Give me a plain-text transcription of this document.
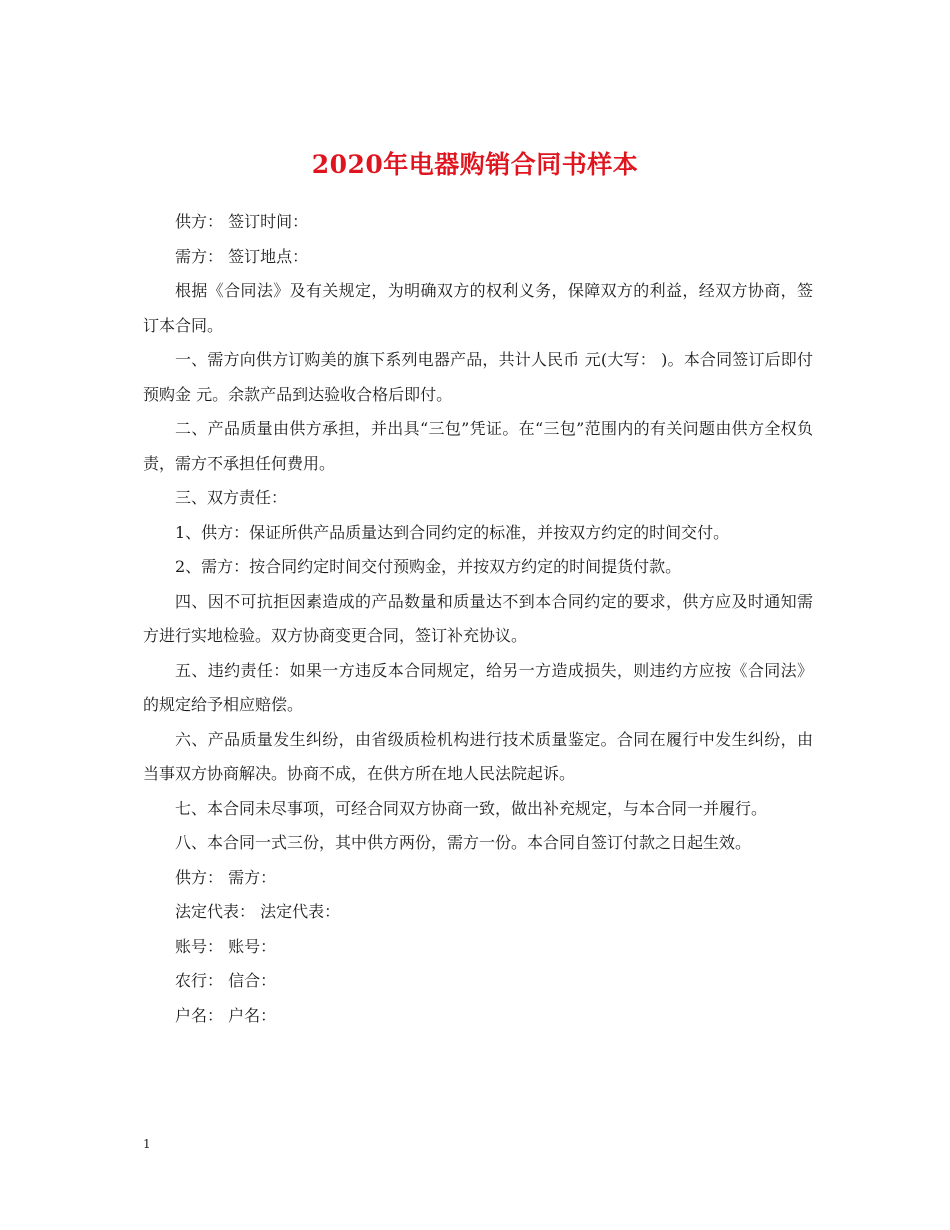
2020年电器购销合同书样本

供方： 签订时间：

需方： 签订地点：

根据《合同法》及有关规定，为明确双方的权利义务，保障双方的利益，经双方协商，签订本合同。

一、需方向供方订购美的旗下系列电器产品，共计人民币 元(大写： )。本合同签订后即付预购金 元。余款产品到达验收合格后即付。

二、产品质量由供方承担，并出具“三包”凭证。在“三包”范围内的有关问题由供方全权负责，需方不承担任何费用。

三、双方责任：

1、供方：保证所供产品质量达到合同约定的标准，并按双方约定的时间交付。

2、需方：按合同约定时间交付预购金，并按双方约定的时间提货付款。

四、因不可抗拒因素造成的产品数量和质量达不到本合同约定的要求，供方应及时通知需方进行实地检验。双方协商变更合同，签订补充协议。

五、违约责任：如果一方违反本合同规定，给另一方造成损失，则违约方应按《合同法》的规定给予相应赔偿。

六、产品质量发生纠纷，由省级质检机构进行技术质量鉴定。合同在履行中发生纠纷，由当事双方协商解决。协商不成，在供方所在地人民法院起诉。

七、本合同未尽事项，可经合同双方协商一致，做出补充规定，与本合同一并履行。

八、本合同一式三份，其中供方两份，需方一份。本合同自签订付款之日起生效。

供方： 需方：

法定代表： 法定代表：

账号： 账号：

农行： 信合：

户名： 户名：

1
